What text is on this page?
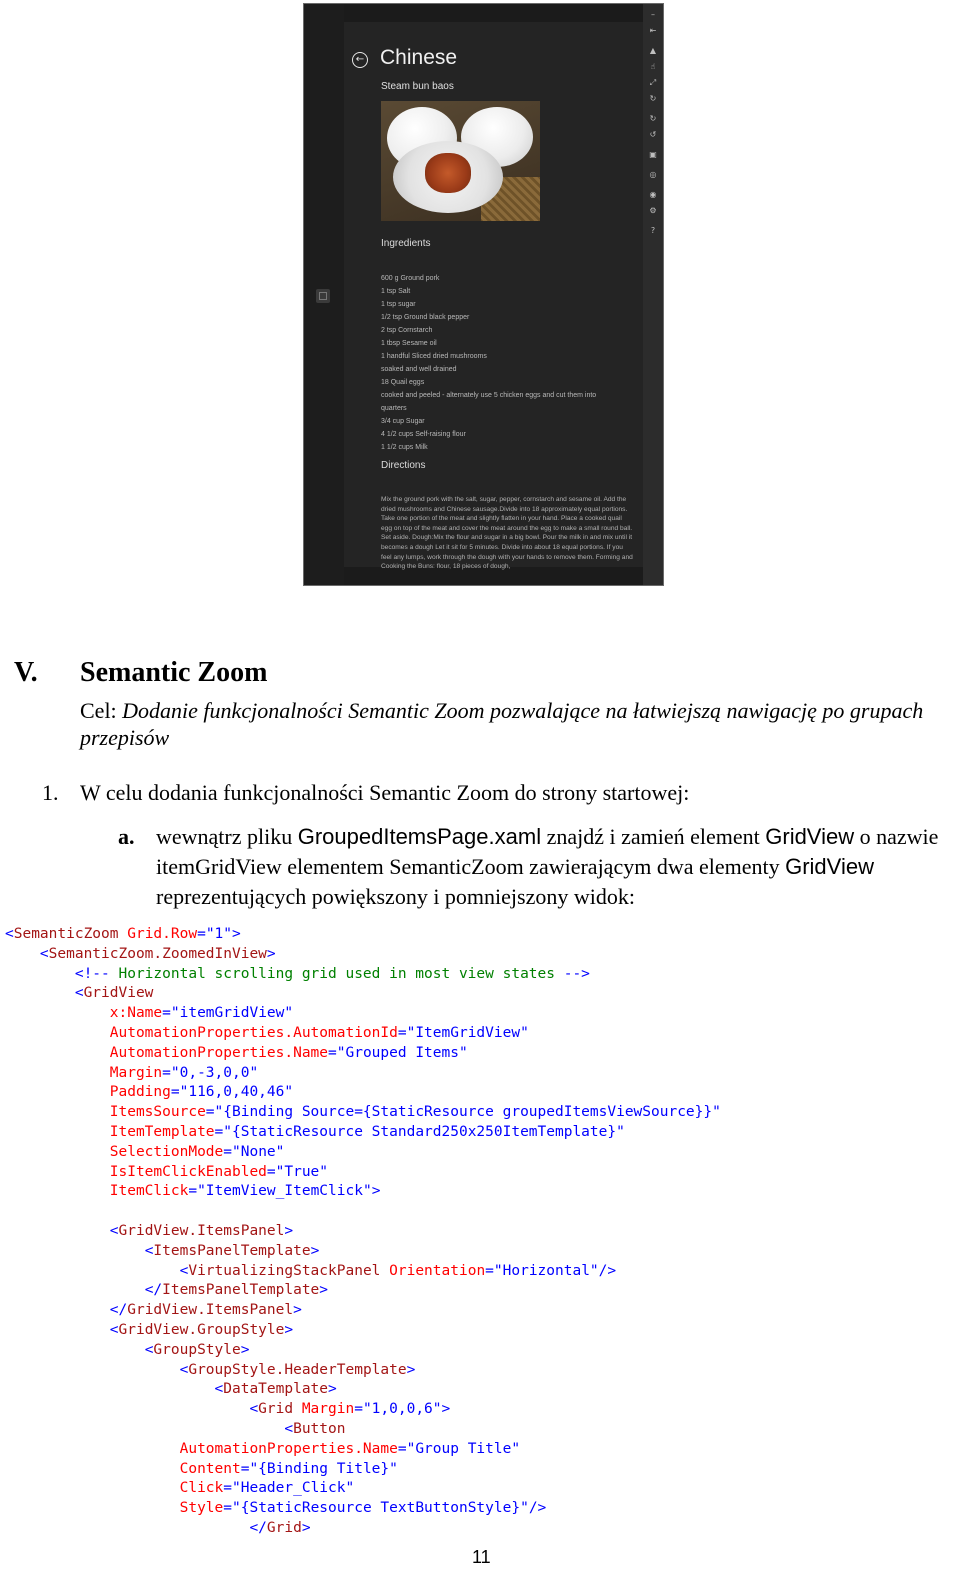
← Chinese
Steam bun baos
Ingredients
600 g Ground pork
1 tsp Salt
1 tsp sugar
1/2 tsp Ground black pepper
2 tsp Cornstarch
1 tbsp Sesame oil
1 handful Sliced dried mushrooms
soaked and well drained
18 Quail eggs
cooked and peeled - alternately use 5 chicken eggs and cut them into
quarters
3/4 cup Sugar
4 1/2 cups Self-raising flour
1 1/2 cups Milk
Directions

Mix the ground pork with the salt, sugar, pepper, cornstarch and sesame oil. Add the dried mushrooms and Chinese sausage.Divide into 18 approximately equal portions. Take one portion of the meat and slightly flatten in your hand. Place a cooked quail egg on top of the meat and cover the meat around the egg to make a small round ball. Set aside. Dough:Mix the flour and sugar in a big bowl. Pour the milk in and mix until it becomes a dough Let it sit for 5 minutes. Divide into about 18 equal portions. If you feel any lumps, work through the dough with your hands to remove them. Forming and Cooking the Buns: flour, 18 pieces of dough,

–
⇤
▲
☝
⤢
↻
↻
↺
▣
◎
◉
⚙
?
V. Semantic Zoom

Cel: Dodanie funkcjonalności Semantic Zoom pozwalające na łatwiejszą nawigację po grupach przepisów

1. W celu dodania funkcjonalności Semantic Zoom do strony startowej:
a. wewnątrz pliku GroupedItemsPage.xaml znajdź i zamień element GridView o nazwie itemGridView elementem SemanticZoom zawierającym dwa elementy GridView reprezentujących powiększony i pomniejszony widok:

<SemanticZoom Grid.Row="1">
<SemanticZoom.ZoomedInView>
<!-- Horizontal scrolling grid used in most view states -->
<GridView
x:Name="itemGridView"
AutomationProperties.AutomationId="ItemGridView"
AutomationProperties.Name="Grouped Items"
Margin="0,-3,0,0"
Padding="116,0,40,46"
ItemsSource="{Binding Source={StaticResource groupedItemsViewSource}}"
ItemTemplate="{StaticResource Standard250x250ItemTemplate}"
SelectionMode="None"
IsItemClickEnabled="True"
ItemClick="ItemView_ItemClick">
<GridView.ItemsPanel>
<ItemsPanelTemplate>
<VirtualizingStackPanel Orientation="Horizontal"/>
</ItemsPanelTemplate>
</GridView.ItemsPanel>
<GridView.GroupStyle>
<GroupStyle>
<GroupStyle.HeaderTemplate>
<DataTemplate>
<Grid Margin="1,0,0,6">
<Button
AutomationProperties.Name="Group Title"
Content="{Binding Title}"
Click="Header_Click"
Style="{StaticResource TextButtonStyle}"/>
</Grid>
11
